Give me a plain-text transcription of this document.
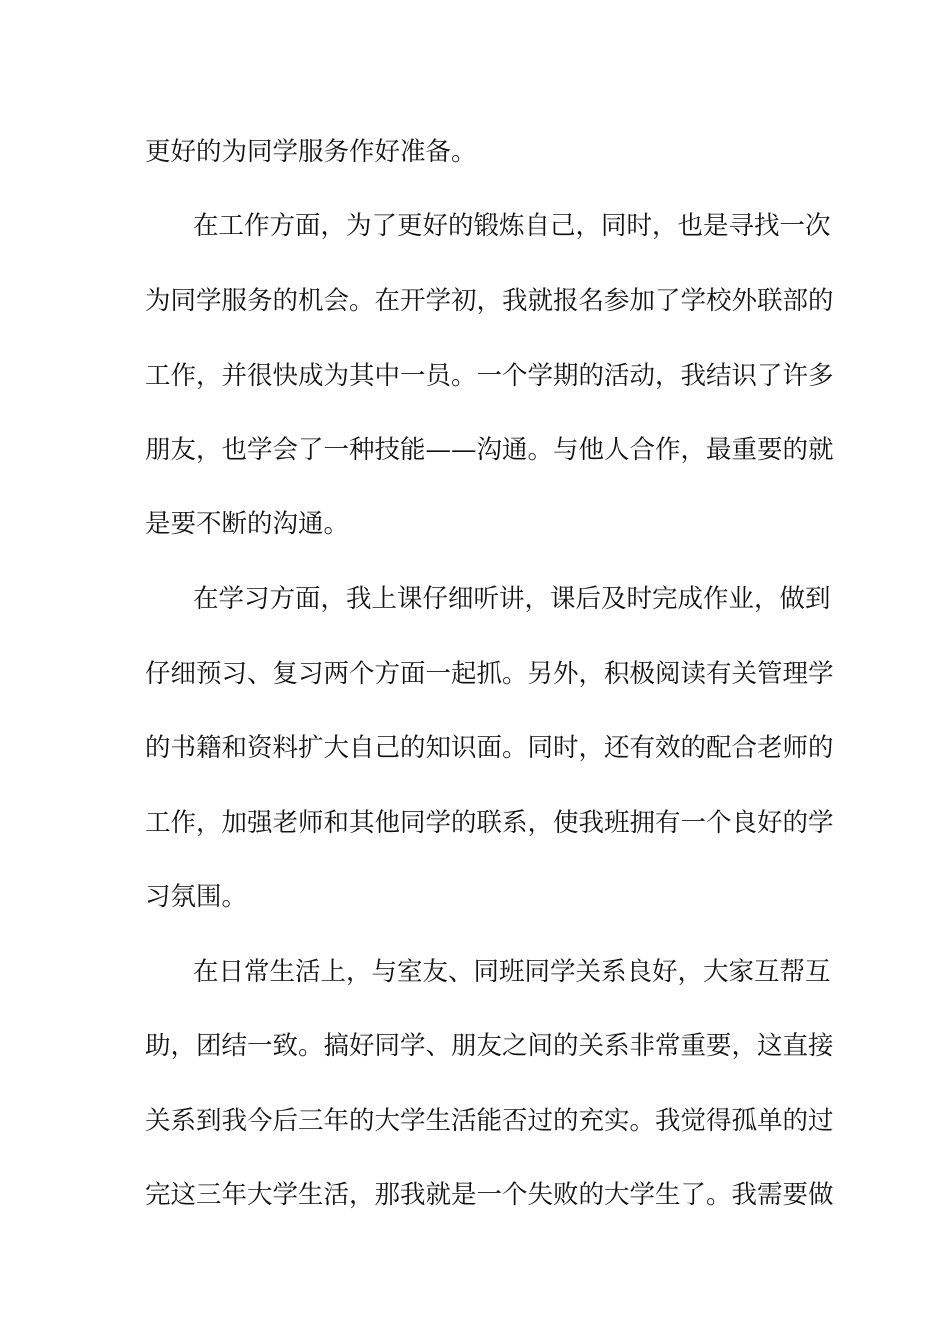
更好的为同学服务作好准备。
在工作方面，为了更好的锻炼自己，同时，也是寻找一次
为同学服务的机会。在开学初，我就报名参加了学校外联部的
工作，并很快成为其中一员。一个学期的活动，我结识了许多
朋友，也学会了一种技能——沟通。与他人合作，最重要的就
是要不断的沟通。
在学习方面，我上课仔细听讲，课后及时完成作业，做到
仔细预习、复习两个方面一起抓。另外，积极阅读有关管理学
的书籍和资料扩大自己的知识面。同时，还有效的配合老师的
工作，加强老师和其他同学的联系，使我班拥有一个良好的学
习氛围。
在日常生活上，与室友、同班同学关系良好，大家互帮互
助，团结一致。搞好同学、朋友之间的关系非常重要，这直接
关系到我今后三年的大学生活能否过的充实。我觉得孤单的过
完这三年大学生活，那我就是一个失败的大学生了。我需要做
